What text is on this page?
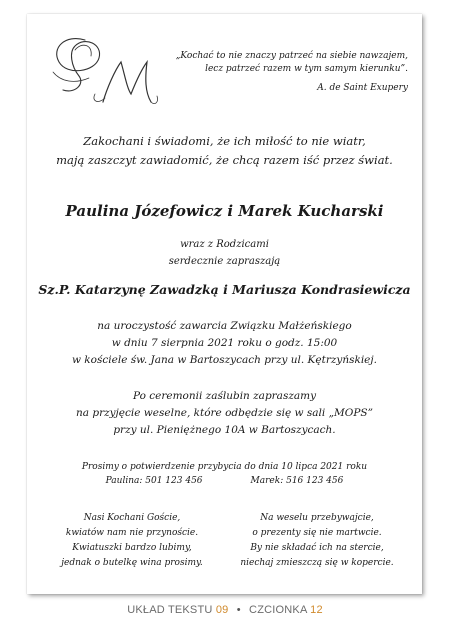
„Kochać to nie znaczy patrzeć na siebie nawzajem,
lecz patrzeć razem w tym samym kierunku”.
A. de Saint Exupery
Zakochani i świadomi, że ich miłość to nie wiatr,
mają zaszczyt zawiadomić, że chcą razem iść przez świat.
Paulina Józefowicz i Marek Kucharski
wraz z Rodzicami
serdecznie zapraszają
Sz.P. Katarzynę Zawadzką i Mariusza Kondrasiewicza
na uroczystość zawarcia Związku Małżeńskiego
w dniu 7 sierpnia 2021 roku o godz. 15:00
w kościele św. Jana w Bartoszycach przy ul. Kętrzyńskiej.
Po ceremonii zaślubin zapraszamy
na przyjęcie weselne, które odbędzie się w sali „MOPS”
przy ul. Pieniężnego 10A w Bartoszycach.
Prosimy o potwierdzenie przybycia do dnia 10 lipca 2021 roku
Paulina: 501 123 456	Marek: 516 123 456
Nasi Kochani Goście,
kwiatów nam nie przynoście.
Kwiatuszki bardzo lubimy,
jednak o butelkę wina prosimy.
Na weselu przebywajcie,
o prezenty się nie martwcie.
By nie składać ich na stercie,
niechaj zmieszczą się w kopercie.
UKŁAD TEKSTU 09 • CZCIONKA 12
